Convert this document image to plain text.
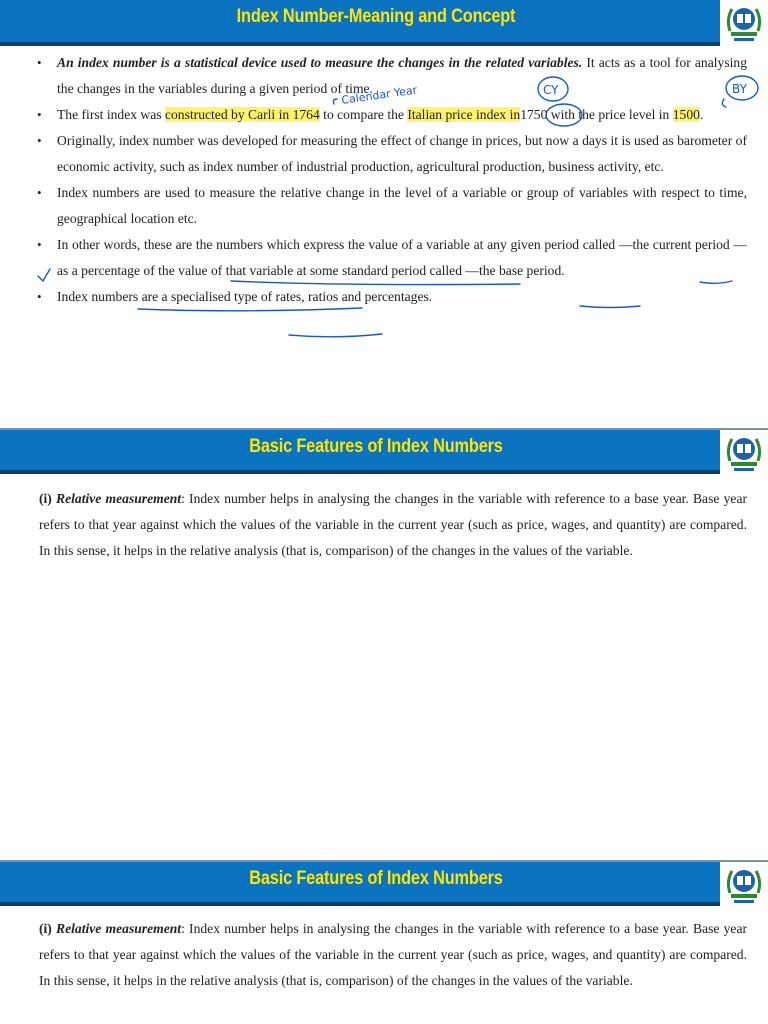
Index Number-Meaning and Concept
• An index number is a statistical device used to measure the changes in the related variables. It acts as a tool for analysing the changes in the variables during a given period of time.
• The first index was constructed by Carli in 1764 to compare the Italian price index in1750 with the price level in 1500.
• Originally, index number was developed for measuring the effect of change in prices, but now a days it is used as barometer of economic activity, such as index number of industrial production, agricultural production, business activity, etc.
• Index numbers are used to measure the relative change in the level of a variable or group of variables with respect to time, geographical location etc.
• In other words, these are the numbers which express the value of a variable at any given period called —the current period —as a percentage of the value of that variable at some standard period called —the base period.
• Index numbers are a specialised type of rates, ratios and percentages.
Calendar Year	CY	BY
Basic Features of Index Numbers

(i) Relative measurement: Index number helps in analysing the changes in the variable with reference to a base year. Base year refers to that year against which the values of the variable in the current year (such as price, wages, and quantity) are compared. In this sense, it helps in the relative analysis (that is, comparison) of the changes in the values of the variable.

Basic Features of Index Numbers

(i) Relative measurement: Index number helps in analysing the changes in the variable with reference to a base year. Base year refers to that year against which the values of the variable in the current year (such as price, wages, and quantity) are compared. In this sense, it helps in the relative analysis (that is, comparison) of the changes in the values of the variable.
